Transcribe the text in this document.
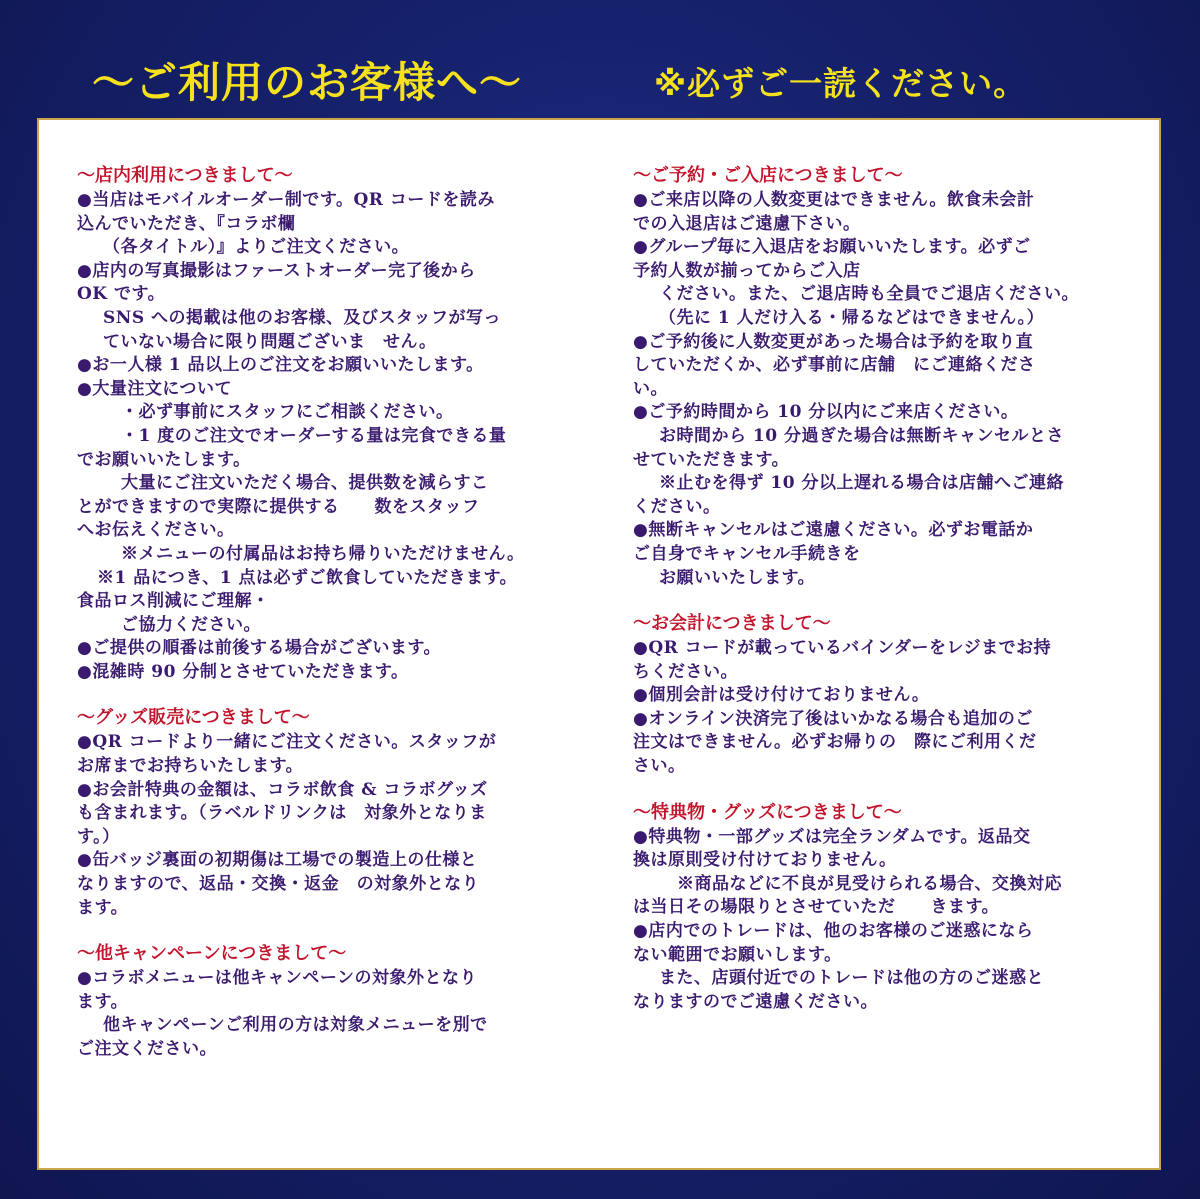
〜ご利用のお客様へ〜	※必ずご一読ください。
〜店内利用につきまして〜
●当店はモバイルオーダー制です。QR コードを読み
込んでいただき、『コラボ欄
（各タイトル）』よりご注文ください。
●店内の写真撮影はファーストオーダー完了後から
OK です。
SNS への掲載は他のお客様、及びスタッフが写っ
ていない場合に限り問題ございま　せん。
●お一人様 1 品以上のご注文をお願いいたします。
●大量注文について
・必ず事前にスタッフにご相談ください。
・1 度のご注文でオーダーする量は完食できる量
でお願いいたします。
大量にご注文いただく場合、提供数を減らすこ
とができますので実際に提供する　　数をスタッフ
へお伝えください。
※メニューの付属品はお持ち帰りいただけません。
※1 品につき、1 点は必ずご飲食していただきます。
食品ロス削減にご理解・
ご協力ください。
●ご提供の順番は前後する場合がございます。
●混雑時 90 分制とさせていただきます。
〜グッズ販売につきまして〜
●QR コードより一緒にご注文ください。スタッフが
お席までお持ちいたします。
●お会計特典の金額は、コラボ飲食 & コラボグッズ
も含まれます。（ラベルドリンクは　対象外となりま
す。）
●缶バッジ裏面の初期傷は工場での製造上の仕様と
なりますので、返品・交換・返金　の対象外となり
ます。
〜他キャンペーンにつきまして〜
●コラボメニューは他キャンペーンの対象外となり
ます。
他キャンペーンご利用の方は対象メニューを別で
ご注文ください。
〜ご予約・ご入店につきまして〜
●ご来店以降の人数変更はできません。飲食未会計
での入退店はご遠慮下さい。
●グループ毎に入退店をお願いいたします。必ずご
予約人数が揃ってからご入店
ください。また、ご退店時も全員でご退店ください。
（先に 1 人だけ入る・帰るなどはできません。）
●ご予約後に人数変更があった場合は予約を取り直
していただくか、必ず事前に店舗　にご連絡くださ
い。
●ご予約時間から 10 分以内にご来店ください。
お時間から 10 分過ぎた場合は無断キャンセルとさ
せていただきます。
※止むを得ず 10 分以上遅れる場合は店舗へご連絡
ください。
●無断キャンセルはご遠慮ください。必ずお電話か
ご自身でキャンセル手続きを
お願いいたします。
〜お会計につきまして〜
●QR コードが載っているバインダーをレジまでお持
ちください。
●個別会計は受け付けておりません。
●オンライン決済完了後はいかなる場合も追加のご
注文はできません。必ずお帰りの　際にご利用くだ
さい。
〜特典物・グッズにつきまして〜
●特典物・一部グッズは完全ランダムです。返品交
換は原則受け付けておりません。
※商品などに不良が見受けられる場合、交換対応
は当日その場限りとさせていただ　　きます。
●店内でのトレードは、他のお客様のご迷惑になら
ない範囲でお願いします。
また、店頭付近でのトレードは他の方のご迷惑と
なりますのでご遠慮ください。
